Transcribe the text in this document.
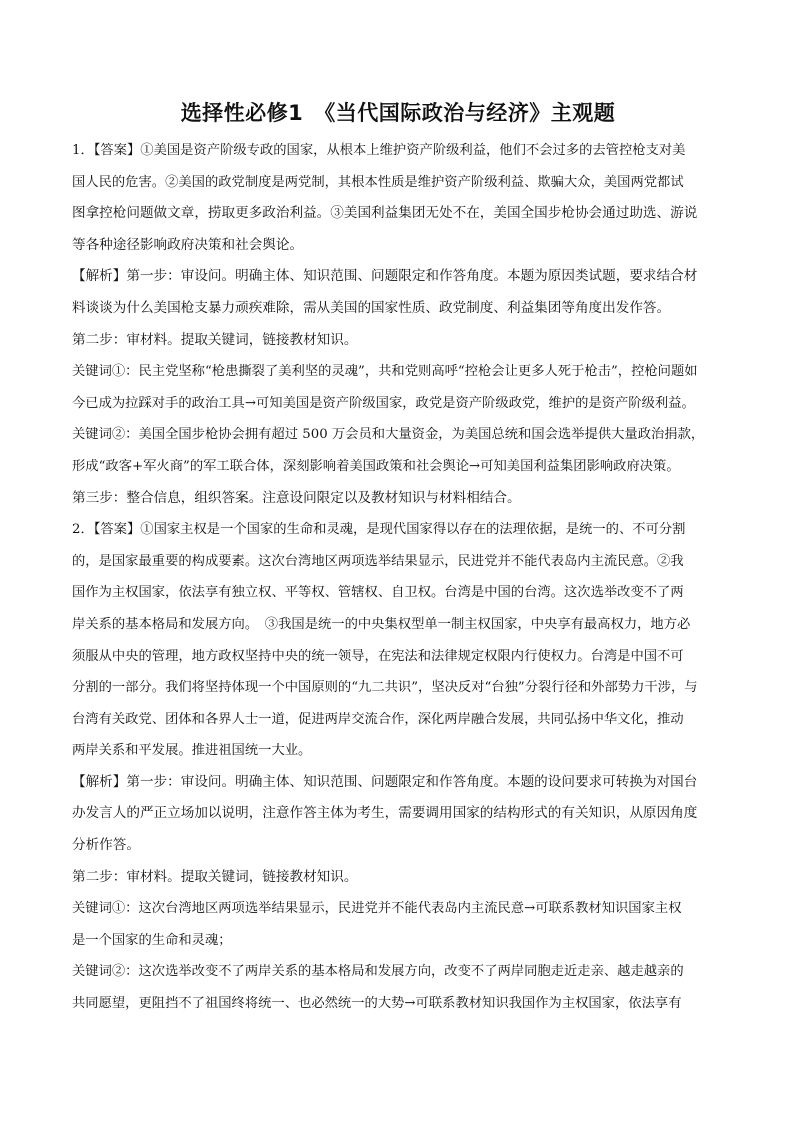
选择性必修1　《当代国际政治与经济》主观题

1．【答案】①美国是资产阶级专政的国家，从根本上维护资产阶级利益，他们不会过多的去管控枪支对美

国人民的危害。②美国的政党制度是两党制，其根本性质是维护资产阶级利益、欺骗大众，美国两党都试

图拿控枪问题做文章，捞取更多政治利益。③美国利益集团无处不在，美国全国步枪协会通过助选、游说

等各种途径影响政府决策和社会舆论。

【解析】第一步：审设问。明确主体、知识范围、问题限定和作答角度。本题为原因类试题，要求结合材

料谈谈为什么美国枪支暴力顽疾难除，需从美国的国家性质、政党制度、利益集团等角度出发作答。

第二步：审材料。提取关键词，链接教材知识。

关键词①：民主党坚称“枪患撕裂了美利坚的灵魂”，共和党则高呼“控枪会让更多人死于枪击”，控枪问题如

今已成为拉踩对手的政治工具→可知美国是资产阶级国家，政党是资产阶级政党，维护的是资产阶级利益。

关键词②：美国全国步枪协会拥有超过 500 万会员和大量资金，为美国总统和国会选举提供大量政治捐款，

形成“政客+军火商”的军工联合体，深刻影响着美国政策和社会舆论→可知美国利益集团影响政府决策。

第三步：整合信息，组织答案。注意设问限定以及教材知识与材料相结合。

2．【答案】①国家主权是一个国家的生命和灵魂，是现代国家得以存在的法理依据，是统一的、不可分割

的，是国家最重要的构成要素。这次台湾地区两项选举结果显示，民进党并不能代表岛内主流民意。②我

国作为主权国家，依法享有独立权、平等权、管辖权、自卫权。台湾是中国的台湾。这次选举改变不了两

岸关系的基本格局和发展方向。　③我国是统一的中央集权型单一制主权国家，中央享有最高权力，地方必

须服从中央的管理，地方政权坚持中央的统一领导，在宪法和法律规定权限内行使权力。台湾是中国不可

分割的一部分。我们将坚持体现一个中国原则的“九二共识”，坚决反对“台独”分裂行径和外部势力干涉，与

台湾有关政党、团体和各界人士一道，促进两岸交流合作，深化两岸融合发展，共同弘扬中华文化，推动

两岸关系和平发展。推进祖国统一大业。

【解析】第一步：审设问。明确主体、知识范围、问题限定和作答角度。本题的设问要求可转换为对国台

办发言人的严正立场加以说明，注意作答主体为考生，需要调用国家的结构形式的有关知识，从原因角度

分析作答。

第二步：审材料。提取关键词，链接教材知识。

关键词①：这次台湾地区两项选举结果显示，民进党并不能代表岛内主流民意→可联系教材知识国家主权

是一个国家的生命和灵魂；

关键词②：这次选举改变不了两岸关系的基本格局和发展方向，改变不了两岸同胞走近走亲、越走越亲的

共同愿望，更阻挡不了祖国终将统一、也必然统一的大势→可联系教材知识我国作为主权国家，依法享有
